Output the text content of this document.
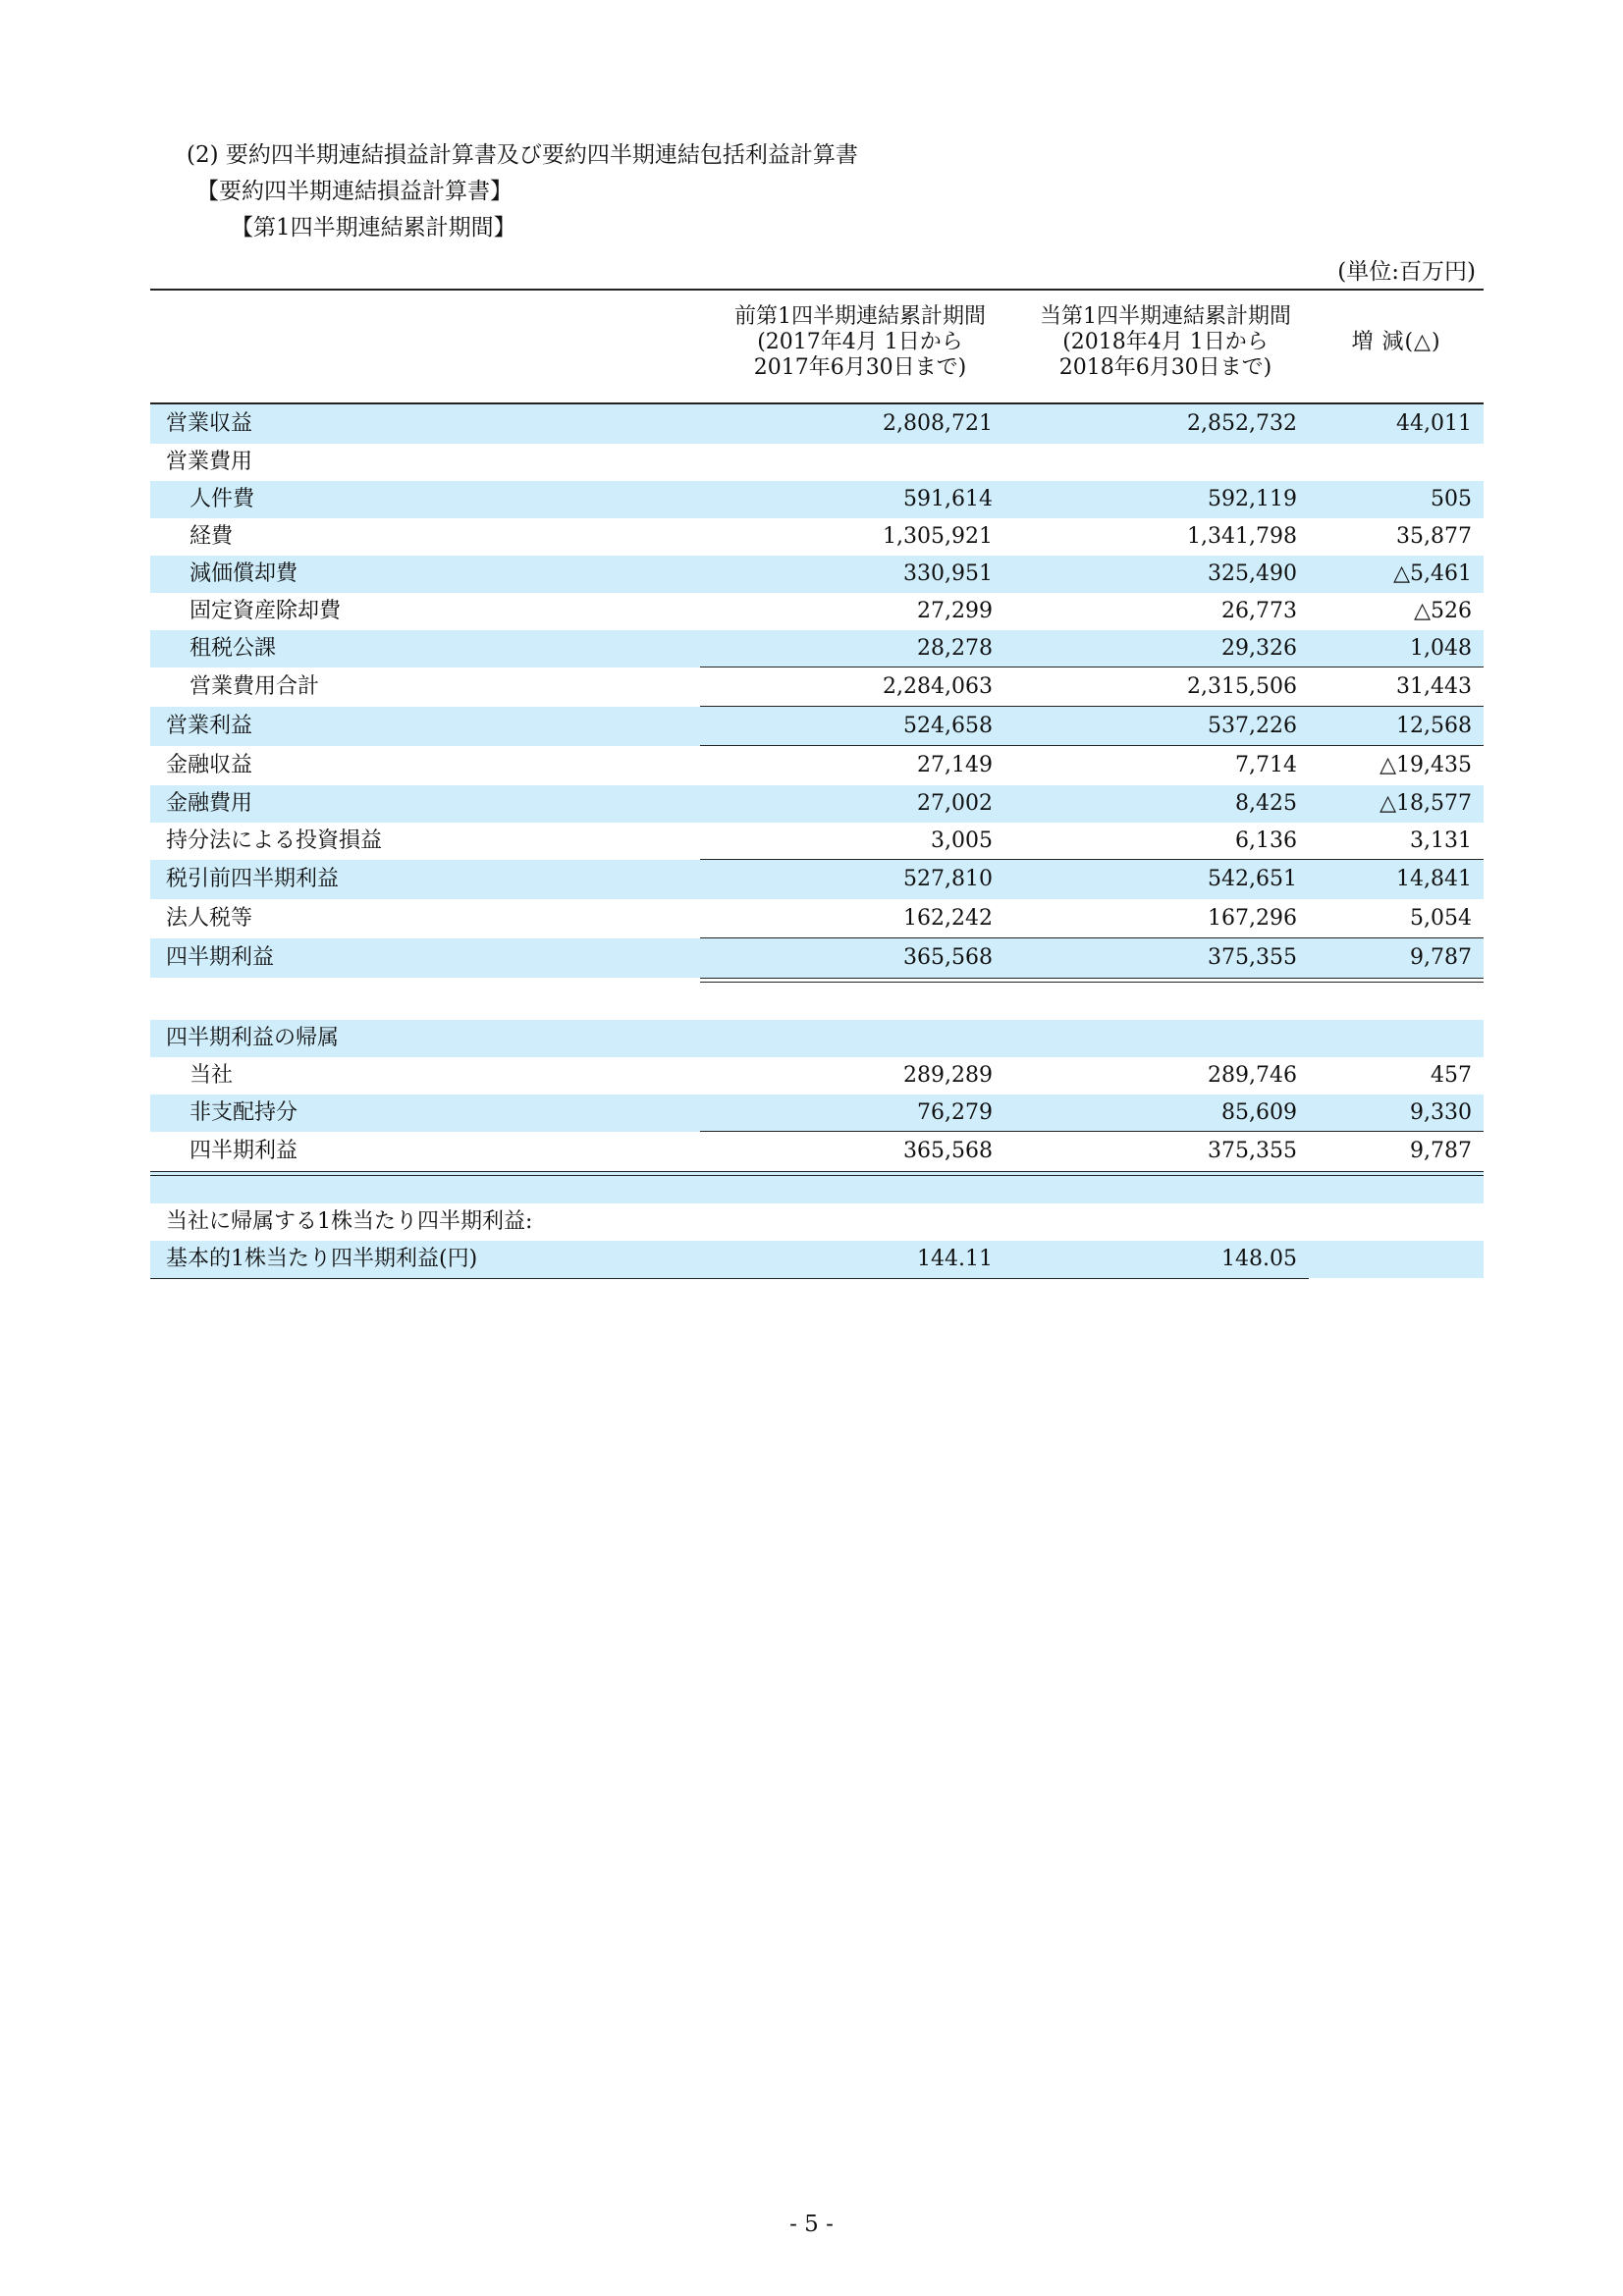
(2) 要約四半期連結損益計算書及び要約四半期連結包括利益計算書
【要約四半期連結損益計算書】
【第1四半期連結累計期間】
(単位:百万円)
前第1四半期連結累計期間
(2017年4月 1日から
2017年6月30日まで)
当第1四半期連結累計期間
(2018年4月 1日から
2018年6月30日まで)
増 減(△)
営業収益	2,808,721	2,852,732	44,011
営業費用
人件費	591,614	592,119	505
経費	1,305,921	1,341,798	35,877
減価償却費	330,951	325,490	△5,461
固定資産除却費	27,299	26,773	△526
租税公課	28,278	29,326	1,048
営業費用合計	2,284,063	2,315,506	31,443
営業利益	524,658	537,226	12,568
金融収益	27,149	7,714	△19,435
金融費用	27,002	8,425	△18,577
持分法による投資損益	3,005	6,136	3,131
税引前四半期利益	527,810	542,651	14,841
法人税等	162,242	167,296	5,054
四半期利益	365,568	375,355	9,787
四半期利益の帰属
当社	289,289	289,746	457
非支配持分	76,279	85,609	9,330
四半期利益	365,568	375,355	9,787
当社に帰属する1株当たり四半期利益:
基本的1株当たり四半期利益(円)	144.11	148.05
- 5 -
